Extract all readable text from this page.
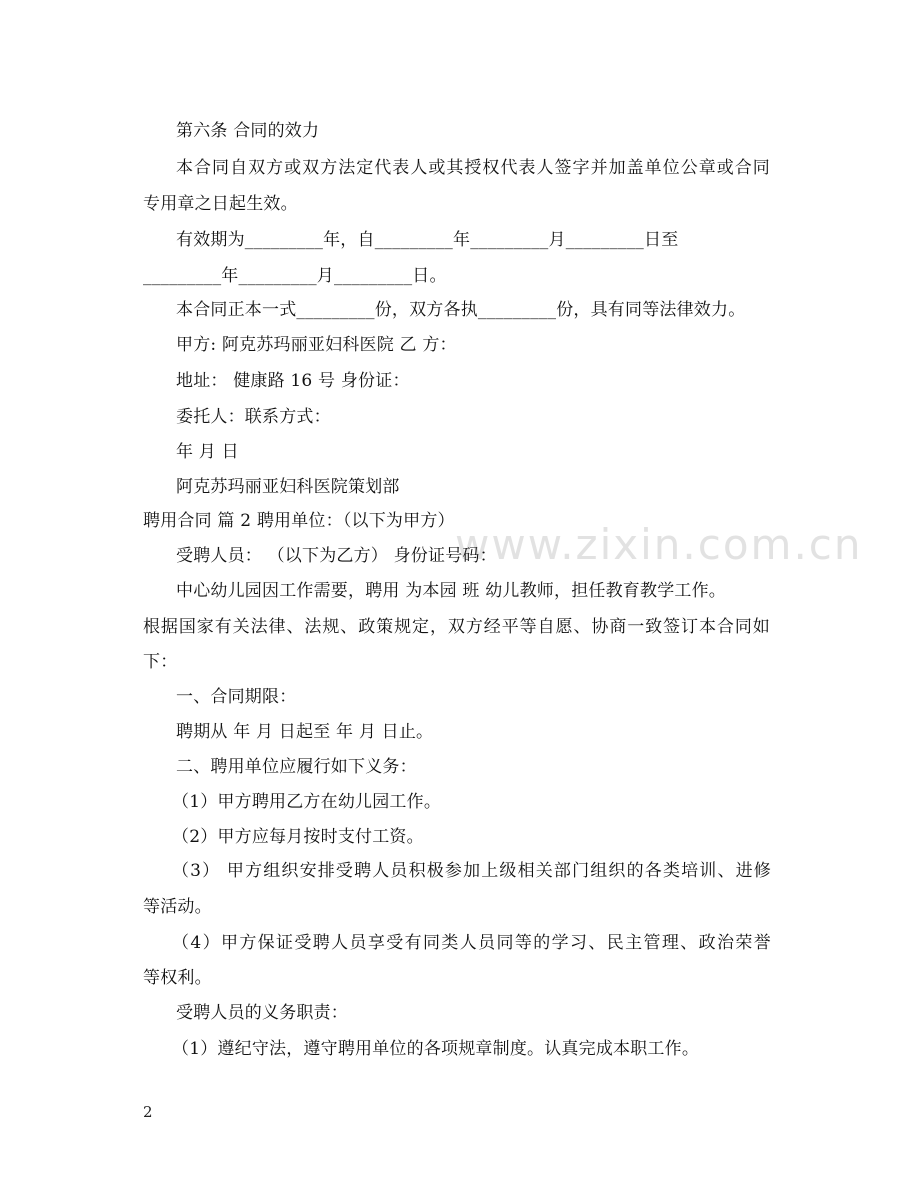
www.zixin.com.cn
第六条 合同的效力
本合同自双方或双方法定代表人或其授权代表人签字并加盖单位公章或合同
专用章之日起生效。
有效期为_________年，自_________年_________月_________日至
_________年_________月_________日。
本合同正本一式_________份，双方各执_________份，具有同等法律效力。
甲方: 阿克苏玛丽亚妇科医院 乙 方：
地址： 健康路 16 号 身份证：
委托人：联系方式：
年 月 日
阿克苏玛丽亚妇科医院策划部
聘用合同 篇 2 聘用单位：（以下为甲方）
受聘人员： （以下为乙方） 身份证号码：
中心幼儿园因工作需要，聘用 为本园 班 幼儿教师，担任教育教学工作。
根据国家有关法律、法规、政策规定，双方经平等自愿、协商一致签订本合同如
下：
一、合同期限：
聘期从 年 月 日起至 年 月 日止。
二、聘用单位应履行如下义务：
（1）甲方聘用乙方在幼儿园工作。
（2）甲方应每月按时支付工资。
（3） 甲方组织安排受聘人员积极参加上级相关部门组织的各类培训、进修
等活动。
（4）甲方保证受聘人员享受有同类人员同等的学习、民主管理、政治荣誉
等权利。
受聘人员的义务职责：
（1）遵纪守法，遵守聘用单位的各项规章制度。认真完成本职工作。
2
